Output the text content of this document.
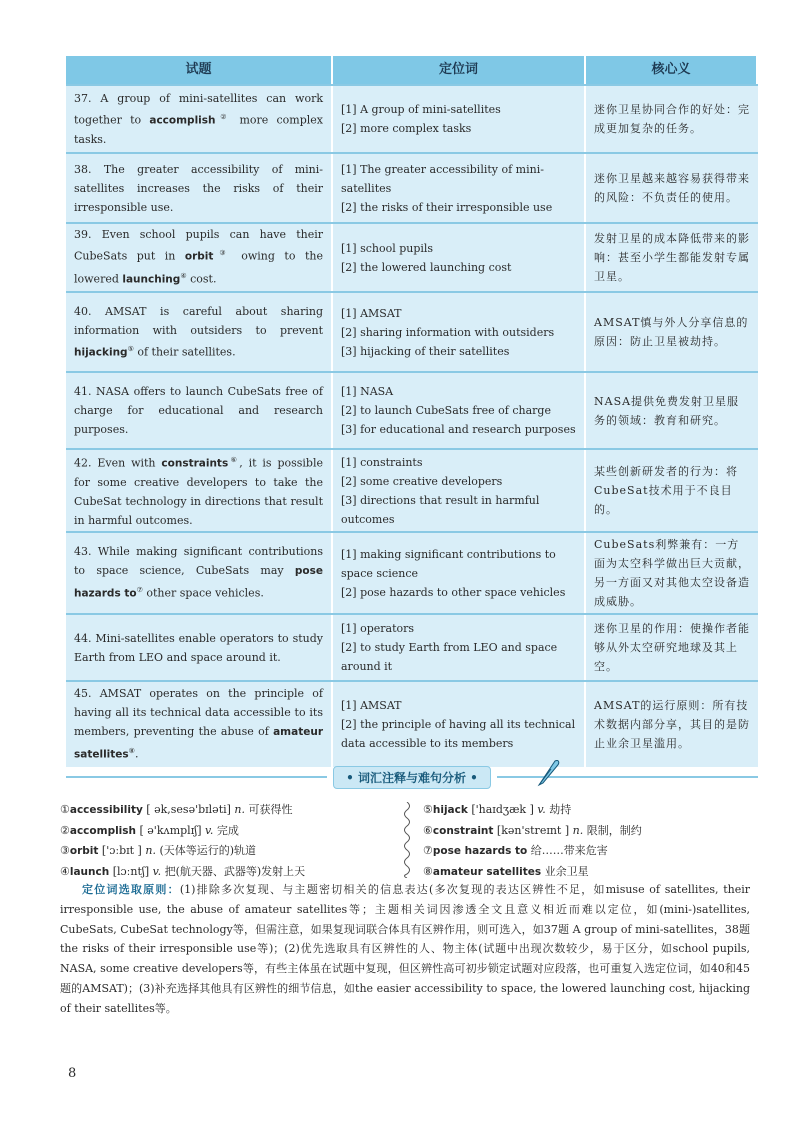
试题	定位词	核心义
37. A group of mini-satellites can work together to accomplish② more complex tasks.
[1] A group of mini-satellites
[2] more complex tasks
迷你卫星协同合作的好处：完成更加复杂的任务。
38. The greater accessibility of mini-satellites increases the risks of their irresponsible use.
[1] The greater accessibility of mini-satellites
[2] the risks of their irresponsible use
迷你卫星越来越容易获得带来的风险：不负责任的使用。
39. Even school pupils can have their CubeSats put in orbit③ owing to the lowered launching④ cost.
[1] school pupils
[2] the lowered launching cost
发射卫星的成本降低带来的影响：甚至小学生都能发射专属卫星。
40. AMSAT is careful about sharing information with outsiders to prevent hijacking⑤ of their satellites.
[1] AMSAT
[2] sharing information with outsiders
[3] hijacking of their satellites
AMSAT慎与外人分享信息的原因：防止卫星被劫持。
41. NASA offers to launch CubeSats free of charge for educational and research purposes.
[1] NASA
[2] to launch CubeSats free of charge
[3] for educational and research purposes
NASA提供免费发射卫星服务的领域：教育和研究。
42. Even with constraints⑥, it is possible for some creative developers to take the CubeSat technology in directions that result in harmful outcomes.
[1] constraints
[2] some creative developers
[3] directions that result in harmful outcomes
某些创新研发者的行为：将CubeSat技术用于不良目的。
43. While making significant contributions to space science, CubeSats may pose hazards to⑦ other space vehicles.
[1] making significant contributions to space science
[2] pose hazards to other space vehicles
CubeSats利弊兼有：一方面为太空科学做出巨大贡献，另一方面又对其他太空设备造成威胁。
44. Mini-satellites enable operators to study Earth from LEO and space around it.
[1] operators
[2] to study Earth from LEO and space around it
迷你卫星的作用：使操作者能够从外太空研究地球及其上空。
45. AMSAT operates on the principle of having all its technical data accessible to its members, preventing the abuse of amateur satellites⑧.
[1] AMSAT
[2] the principle of having all its technical data accessible to its members
AMSAT的运行原则：所有技术数据内部分享，其目的是防止业余卫星滥用。
• 词汇注释与难句分析 •
①accessibility [ ək,sesə'bɪləti] n. 可获得性
②accomplish [ ə'kʌmplɪʃ] v. 完成
③orbit ['ɔːbɪt ] n. (天体等运行的)轨道
④launch [lɔːntʃ] v. 把(航天器、武器等)发射上天
⑤hijack ['haɪdʒæk ] v. 劫持
⑥constraint [kən'streɪnt ] n. 限制，制约
⑦pose hazards to 给……带来危害
⑧amateur satellites 业余卫星
定位词选取原则：(1)排除多次复现、与主题密切相关的信息表达(多次复现的表达区辨性不足，如misuse of satellites, their irresponsible use, the abuse of amateur satellites等；主题相关词因渗透全文且意义相近而难以定位，如(mini-)satellites, CubeSats, CubeSat technology等，但需注意，如果复现词联合体具有区辨作用，则可选入，如37题 A group of mini-satellites，38题 the risks of their irresponsible use等)；(2)优先选取具有区辨性的人、物主体(试题中出现次数较少，易于区分，如school pupils, NASA, some creative developers等，有些主体虽在试题中复现，但区辨性高可初步锁定试题对应段落，也可重复入选定位词，如40和45题的AMSAT)；(3)补充选择其他具有区辨性的细节信息，如the easier accessibility to space, the lowered launching cost, hijacking of their satellites等。
8
